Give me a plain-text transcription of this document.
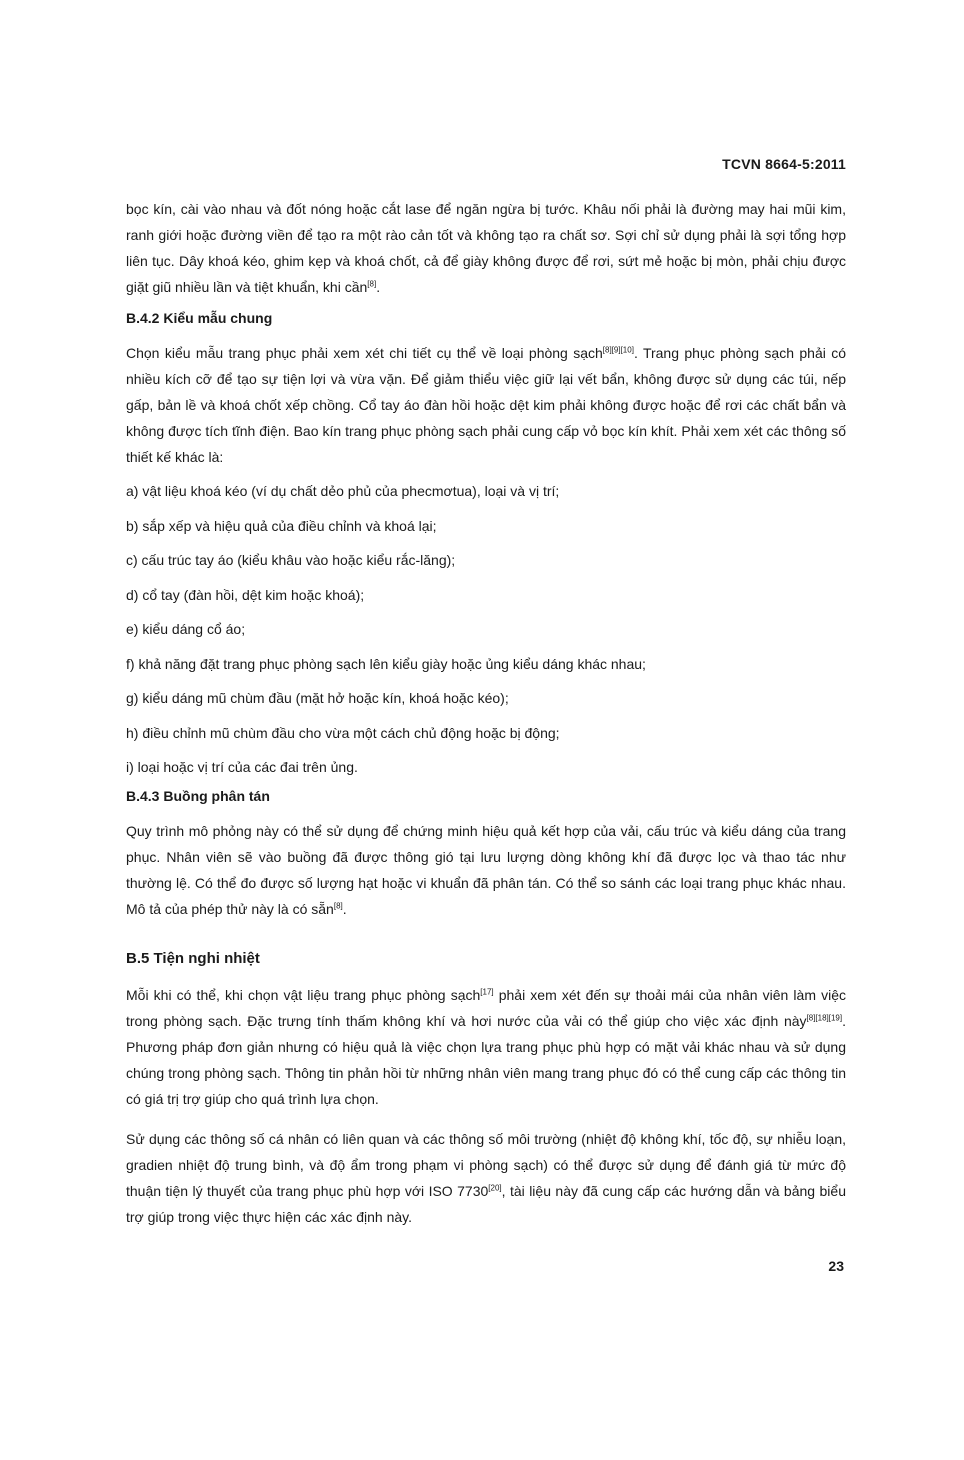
TCVN 8664-5:2011
bọc kín, cài vào nhau và đốt nóng hoặc cắt lase để ngăn ngừa bị tước. Khâu nối phải là đường may hai mũi kim, ranh giới hoặc đường viền để tạo ra một rào cản tốt và không tạo ra chất sơ. Sợi chỉ sử dụng phải là sợi tổng hợp liên tục. Dây khoá kéo, ghim kẹp và khoá chốt, cả để giày không được để rơi, sứt mẻ hoặc bị mòn, phải chịu được giặt giũ nhiều lần và tiệt khuẩn, khi cần[8].
B.4.2 Kiểu mẫu chung
Chọn kiểu mẫu trang phục phải xem xét chi tiết cụ thể về loại phòng sạch[8][9][10]. Trang phục phòng sạch phải có nhiều kích cỡ để tạo sự tiện lợi và vừa vặn. Để giảm thiểu việc giữ lại vết bẩn, không được sử dụng các túi, nếp gấp, bản lề và khoá chốt xếp chồng. Cổ tay áo đàn hồi hoặc dệt kim phải không được hoặc để rơi các chất bẩn và không được tích tĩnh điện. Bao kín trang phục phòng sạch phải cung cấp vỏ bọc kín khít. Phải xem xét các thông số thiết kế khác là:
a) vật liệu khoá kéo (ví dụ chất dẻo phủ của phecmơtua), loại và vị trí;
b) sắp xếp và hiệu quả của điều chỉnh và khoá lại;
c) cấu trúc tay áo (kiểu khâu vào hoặc kiểu rắc-lăng);
d) cổ tay (đàn hồi, dệt kim hoặc khoá);
e) kiểu dáng cổ áo;
f) khả năng đặt trang phục phòng sạch lên kiểu giày hoặc ủng kiểu dáng khác nhau;
g) kiểu dáng mũ chùm đầu (mặt hở hoặc kín, khoá hoặc kéo);
h) điều chỉnh mũ chùm đầu cho vừa một cách chủ động hoặc bị động;
i) loại hoặc vị trí của các đai trên ủng.
B.4.3 Buồng phân tán
Quy trình mô phỏng này có thể sử dụng để chứng minh hiệu quả kết hợp của vải, cấu trúc và kiểu dáng của trang phục. Nhân viên sẽ vào buồng đã được thông gió tại lưu lượng dòng không khí đã được lọc và thao tác như thường lệ. Có thể đo được số lượng hạt hoặc vi khuẩn đã phân tán. Có thể so sánh các loại trang phục khác nhau. Mô tả của phép thử này là có sẵn[8].
B.5 Tiện nghi nhiệt
Mỗi khi có thể, khi chọn vật liệu trang phục phòng sạch[17] phải xem xét đến sự thoải mái của nhân viên làm việc trong phòng sạch. Đặc trưng tính thấm không khí và hơi nước của vải có thể giúp cho việc xác định này[8][18][19]. Phương pháp đơn giản nhưng có hiệu quả là việc chọn lựa trang phục phù hợp có mặt vải khác nhau và sử dụng chúng trong phòng sạch. Thông tin phản hồi từ những nhân viên mang trang phục đó có thể cung cấp các thông tin có giá trị trợ giúp cho quá trình lựa chọn.
Sử dụng các thông số cá nhân có liên quan và các thông số môi trường (nhiệt độ không khí, tốc độ, sự nhiễu loạn, gradien nhiệt độ trung bình, và độ ẩm trong phạm vi phòng sạch) có thể được sử dụng để đánh giá từ mức độ thuận tiện lý thuyết của trang phục phù hợp với ISO 7730[20], tài liệu này đã cung cấp các hướng dẫn và bảng biểu trợ giúp trong việc thực hiện các xác định này.
23
